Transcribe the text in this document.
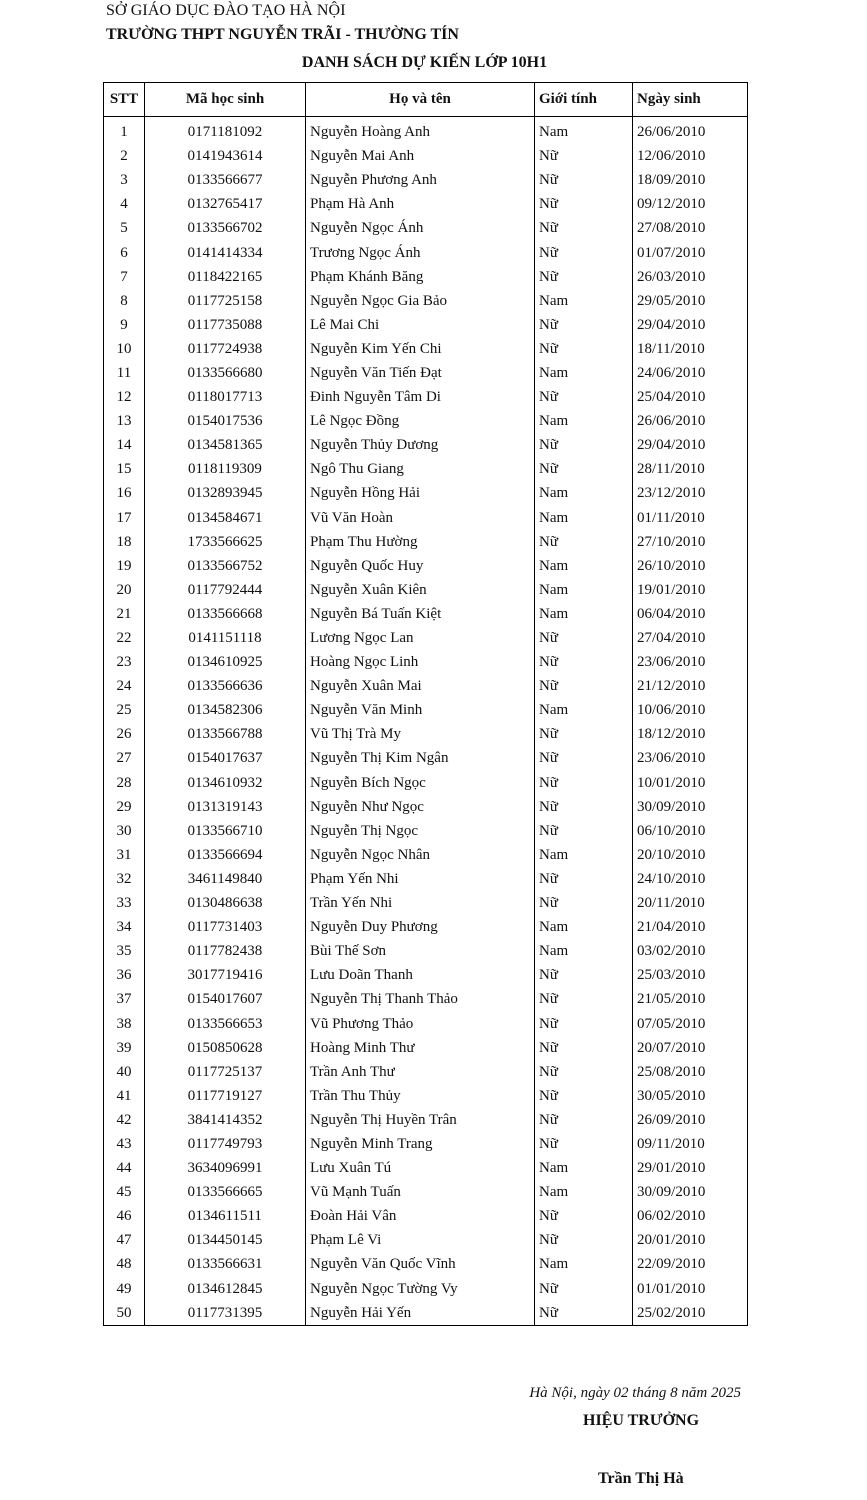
SỞ GIÁO DỤC ĐÀO TẠO HÀ NỘI
TRƯỜNG THPT NGUYỄN TRÃI - THƯỜNG TÍN
DANH SÁCH DỰ KIẾN LỚP 10H1
STT	Mã học sinh	Họ và tên	Giới tính	Ngày sinh
1	0171181092	Nguyễn Hoàng Anh	Nam	26/06/2010
2	0141943614	Nguyễn Mai Anh	Nữ	12/06/2010
3	0133566677	Nguyễn Phương Anh	Nữ	18/09/2010
4	0132765417	Phạm Hà Anh	Nữ	09/12/2010
5	0133566702	Nguyễn Ngọc Ánh	Nữ	27/08/2010
6	0141414334	Trương Ngọc Ánh	Nữ	01/07/2010
7	0118422165	Phạm Khánh Băng	Nữ	26/03/2010
8	0117725158	Nguyễn Ngọc Gia Bảo	Nam	29/05/2010
9	0117735088	Lê Mai Chi	Nữ	29/04/2010
10	0117724938	Nguyễn Kim Yến Chi	Nữ	18/11/2010
11	0133566680	Nguyễn Văn Tiến Đạt	Nam	24/06/2010
12	0118017713	Đinh Nguyễn Tâm Di	Nữ	25/04/2010
13	0154017536	Lê Ngọc Đồng	Nam	26/06/2010
14	0134581365	Nguyễn Thủy Dương	Nữ	29/04/2010
15	0118119309	Ngô Thu Giang	Nữ	28/11/2010
16	0132893945	Nguyễn Hồng Hải	Nam	23/12/2010
17	0134584671	Vũ Văn Hoàn	Nam	01/11/2010
18	1733566625	Phạm Thu Hường	Nữ	27/10/2010
19	0133566752	Nguyễn Quốc Huy	Nam	26/10/2010
20	0117792444	Nguyễn Xuân Kiên	Nam	19/01/2010
21	0133566668	Nguyễn Bá Tuấn Kiệt	Nam	06/04/2010
22	0141151118	Lương Ngọc Lan	Nữ	27/04/2010
23	0134610925	Hoàng Ngọc Linh	Nữ	23/06/2010
24	0133566636	Nguyễn Xuân Mai	Nữ	21/12/2010
25	0134582306	Nguyễn Văn Minh	Nam	10/06/2010
26	0133566788	Vũ Thị Trà My	Nữ	18/12/2010
27	0154017637	Nguyễn Thị Kim Ngân	Nữ	23/06/2010
28	0134610932	Nguyễn Bích Ngọc	Nữ	10/01/2010
29	0131319143	Nguyễn Như Ngọc	Nữ	30/09/2010
30	0133566710	Nguyễn Thị Ngọc	Nữ	06/10/2010
31	0133566694	Nguyễn Ngọc Nhân	Nam	20/10/2010
32	3461149840	Phạm Yến Nhi	Nữ	24/10/2010
33	0130486638	Trần Yến Nhi	Nữ	20/11/2010
34	0117731403	Nguyễn Duy Phương	Nam	21/04/2010
35	0117782438	Bùi Thế Sơn	Nam	03/02/2010
36	3017719416	Lưu Doãn Thanh	Nữ	25/03/2010
37	0154017607	Nguyễn Thị Thanh Thảo	Nữ	21/05/2010
38	0133566653	Vũ Phương Thảo	Nữ	07/05/2010
39	0150850628	Hoàng Minh Thư	Nữ	20/07/2010
40	0117725137	Trần Anh Thư	Nữ	25/08/2010
41	0117719127	Trần Thu Thủy	Nữ	30/05/2010
42	3841414352	Nguyễn Thị Huyền Trân	Nữ	26/09/2010
43	0117749793	Nguyễn Minh Trang	Nữ	09/11/2010
44	3634096991	Lưu Xuân Tú	Nam	29/01/2010
45	0133566665	Vũ Mạnh Tuấn	Nam	30/09/2010
46	0134611511	Đoàn Hải Vân	Nữ	06/02/2010
47	0134450145	Phạm Lê Vi	Nữ	20/01/2010
48	0133566631	Nguyễn Văn Quốc Vĩnh	Nam	22/09/2010
49	0134612845	Nguyễn Ngọc Tường Vy	Nữ	01/01/2010
50	0117731395	Nguyễn Hải Yến	Nữ	25/02/2010
Hà Nội, ngày 02 tháng 8 năm 2025
HIỆU TRƯỞNG
Trần Thị Hà
